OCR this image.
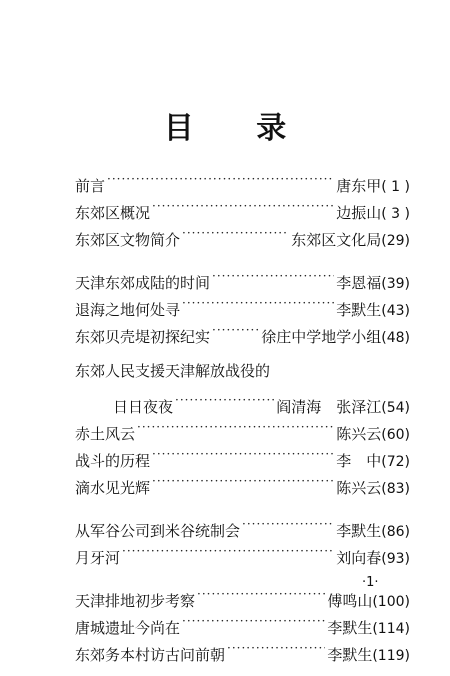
目 录
前言 ·····	唐东甲 ( 1 )
东郊区概况 ·····	边振山 ( 3 )
东郊区文物简介 ·····	东郊区文化局 (29)
天津东郊成陆的时间 ·····	李恩福 (39)
退海之地何处寻 ·····	李默生 (43)
东郊贝壳堤初探纪实 ·····	徐庄中学地学小组 (48)
东郊人民支援天津解放战役的
日日夜夜 ·····	阎清海　张泽江 (54)
赤土风云 ·····	陈兴云 (60)
战斗的历程 ·····	李　中 (72)
滴水见光辉 ·····	陈兴云 (83)
从军谷公司到米谷统制会 ·····	李默生 (86)
月牙河 ·····	刘向春 (93)
天津排地初步考察 ·····	傅鸣山 (100)
唐城遗址今尚在 ·····	李默生 (114)
东郊务本村访古问前朝 ·····	李默生 (119)
·1·
